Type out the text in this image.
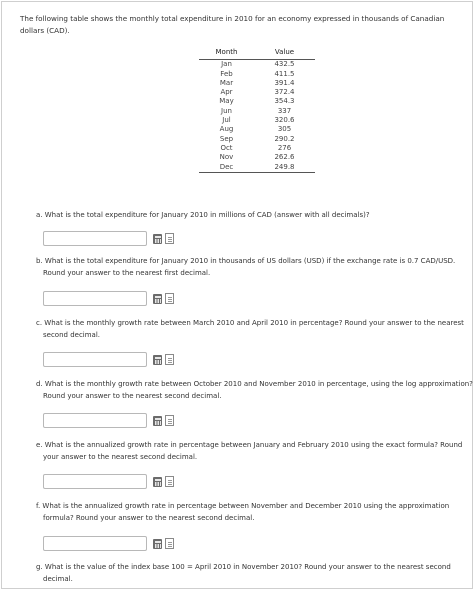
The following table shows the monthly total expenditure in 2010 for an economy expressed in thousands of Canadian dollars (CAD).
Month	Value
Jan	432.5
Feb	411.5
Mar	391.4
Apr	372.4
May	354.3
Jun	337
Jul	320.6
Aug	305
Sep	290.2
Oct	276
Nov	262.6
Dec	249.8
a. What is the total expenditure for January 2010 in millions of CAD (answer with all decimals)?
b. What is the total expenditure for January 2010 in thousands of US dollars (USD) if the exchange rate is 0.7 CAD/USD.
Round your answer to the nearest first decimal.
c. What is the monthly growth rate between March 2010 and April 2010 in percentage? Round your answer to the nearest
second decimal.
d. What is the monthly growth rate between October 2010 and November 2010 in percentage, using the log approximation?
Round your answer to the nearest second decimal.
e. What is the annualized growth rate in percentage between January and February 2010 using the exact formula? Round
your answer to the nearest second decimal.
f. What is the annualized growth rate in percentage between November and December 2010 using the approximation
formula? Round your answer to the nearest second decimal.
g. What is the value of the index base 100 = April 2010 in November 2010? Round your answer to the nearest second
decimal.
